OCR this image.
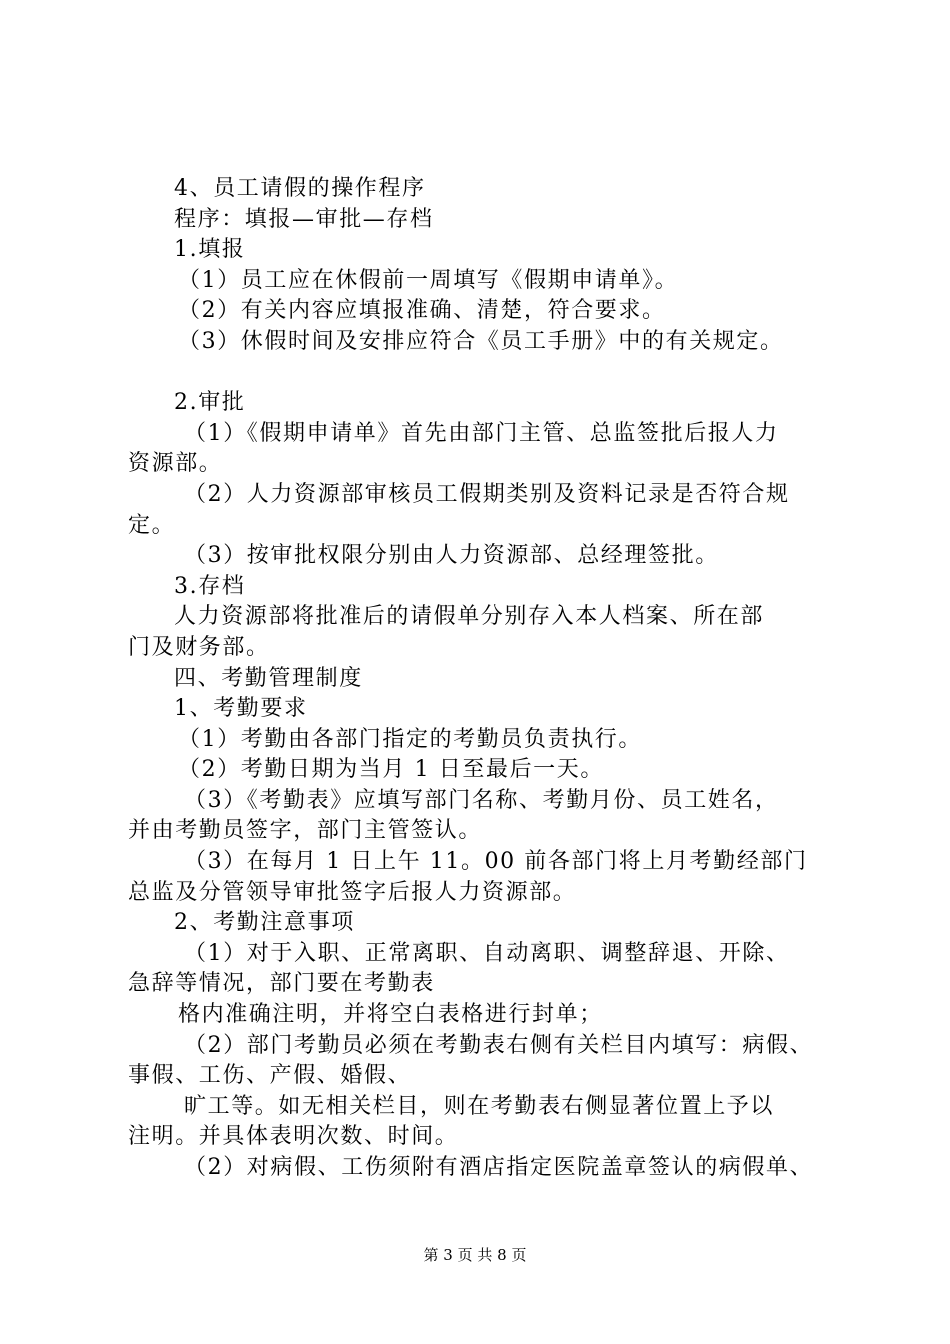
4、员工请假的操作程序
程序：填报—审批—存档
1.填报
（1）员工应在休假前一周填写《假期申请单》。
（2）有关内容应填报准确、清楚，符合要求。
（3）休假时间及安排应符合《员工手册》中的有关规定。
2.审批
（1）《假期申请单》首先由部门主管、总监签批后报人力
资源部。
（2）人力资源部审核员工假期类别及资料记录是否符合规
定。
（3）按审批权限分别由人力资源部、总经理签批。
3.存档
人力资源部将批准后的请假单分别存入本人档案、所在部
门及财务部。
四、考勤管理制度
1、考勤要求
（1）考勤由各部门指定的考勤员负责执行。
（2）考勤日期为当月 1 日至最后一天。
（3）《考勤表》应填写部门名称、考勤月份、员工姓名，
并由考勤员签字，部门主管签认。
（3）在每月 1 日上午 11。00 前各部门将上月考勤经部门
总监及分管领导审批签字后报人力资源部。
2、考勤注意事项
（1）对于入职、正常离职、自动离职、调整辞退、开除、
急辞等情况，部门要在考勤表
格内准确注明，并将空白表格进行封单；
（2）部门考勤员必须在考勤表右侧有关栏目内填写：病假、
事假、工伤、产假、婚假、
旷工等。如无相关栏目，则在考勤表右侧显著位置上予以
注明。并具体表明次数、时间。
（2）对病假、工伤须附有酒店指定医院盖章签认的病假单、
第 3 页 共 8 页
